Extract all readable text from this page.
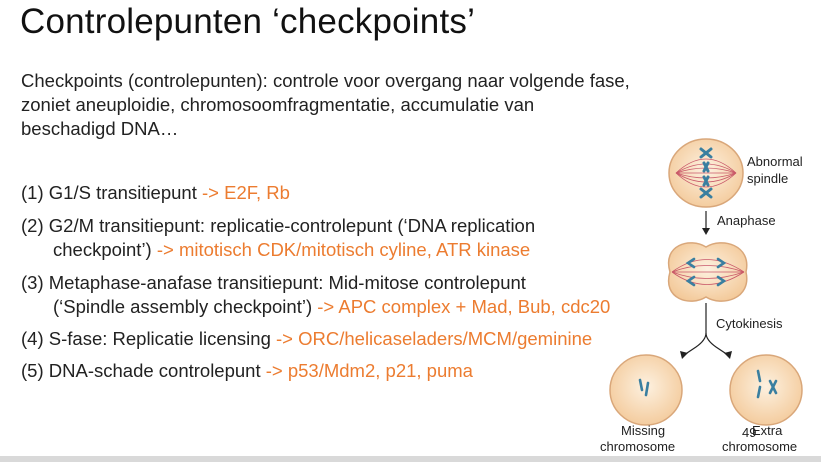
Controlepunten ‘checkpoints’
Checkpoints (controlepunten): controle voor overgang naar volgende fase, zoniet aneuploidie, chromosoomfragmentatie, accumulatie van beschadigd DNA…
(1) G1/S transitiepunt -> E2F, Rb
(2) G2/M transitiepunt: replicatie-controlepunt (‘DNA replication
checkpoint’) -> mitotisch CDK/mitotisch cyline, ATR kinase
(3) Metaphase-anafase transitiepunt: Mid-mitose controlepunt
(‘Spindle assembly checkpoint’) -> APC complex + Mad, Bub, cdc20
(4) S-fase: Replicatie licensing -> ORC/helicaseladers/MCM/geminine
(5) DNA-schade controlepunt -> p53/Mdm2, p21, puma
Abnormal
spindle
Anaphase
Cytokinesis
Missing
chromosome
Extra
chromosome
49
